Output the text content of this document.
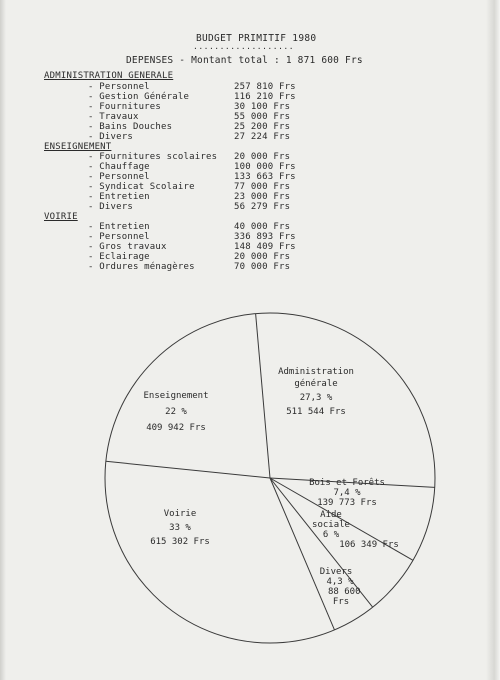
BUDGET PRIMITIF 1980
···················
DEPENSES - Montant total : 1 871 600 Frs
ADMINISTRATION GENERALE
- Personnel	257 810 Frs
- Gestion Générale	116 210 Frs
- Fournitures	30 100 Frs
- Travaux	55 000 Frs
- Bains Douches	25 200 Frs
- Divers	27 224 Frs
ENSEIGNEMENT
- Fournitures scolaires 20 000 Frs
- Chauffage	100 000 Frs
- Personnel	133 663 Frs
- Syndicat Scolaire	77 000 Frs
- Entretien	23 000 Frs
- Divers	56 279 Frs
VOIRIE
- Entretien	40 000 Frs
- Personnel	336 893 Frs
- Gros travaux	148 409 Frs
- Eclairage	20 000 Frs
- Ordures ménagères	70 000 Frs
Administration
générale
27,3 %
511 544 Frs
Enseignement
22 %
409 942 Frs
Voirie
33 %
615 302 Frs
Bois et Forêts
7,4 %
139 773 Frs
Aide
sociale
6 %
106 349 Frs
Divers
4,3 %
88 600
Frs
